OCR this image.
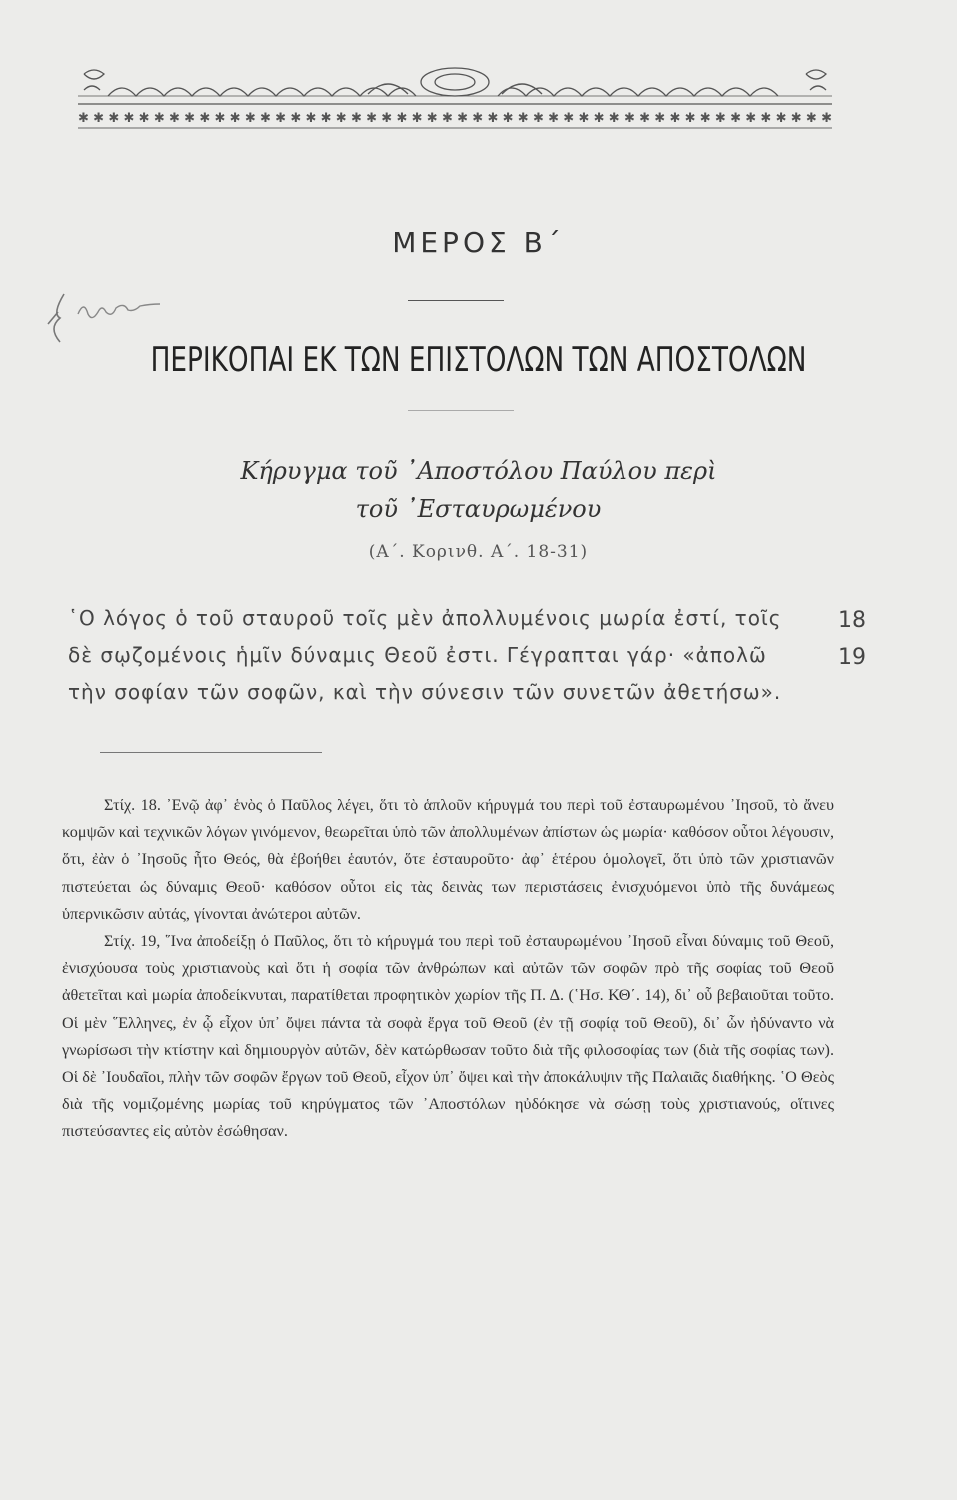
✱✱✱✱✱✱✱✱✱✱✱✱✱✱✱✱✱✱✱✱✱✱✱✱✱✱✱✱✱✱✱✱✱✱✱✱✱✱✱✱✱✱✱✱✱✱✱✱✱✱
ΜΕΡΟΣ Β΄
ΠΕΡΙΚΟΠΑΙ ΕΚ ΤΩΝ ΕΠΙΣΤΟΛΩΝ ΤΩΝ ΑΠΟΣΤΟΛΩΝ
Κήρυγμα τοῦ ᾿Αποστόλου Παύλου περὶ
τοῦ ᾿Εσταυρωμένου
(Α΄. Κορινθ. Α΄. 18-31)
῾Ο λόγος ὁ τοῦ σταυροῦ τοῖς μὲν ἀπολλυμένοις μωρία ἐστί, τοῖς	18
δὲ σῳζομένοις ἡμῖν δύναμις Θεοῦ ἐστι. Γέγραπται γάρ· «ἀπολῶ	19
τὴν σοφίαν τῶν σοφῶν, καὶ τὴν σύνεσιν τῶν συνετῶν ἀθετήσω».

Στίχ. 18. ᾿Ενῷ ἀφ᾿ ἑνὸς ὁ Παῦλος λέγει, ὅτι τὸ ἁπλοῦν κήρυγμά του περὶ τοῦ ἐσταυρωμένου ᾿Ιησοῦ, τὸ ἄνευ κομψῶν καὶ τεχνικῶν λόγων γινόμενον, θεωρεῖται ὑπὸ τῶν ἀπολλυμένων ἀπίστων ὡς μωρία· καθόσον οὗτοι λέγουσιν, ὅτι, ἐὰν ὁ ᾿Ιησοῦς ἦτο Θεός, θὰ ἐβοήθει ἑαυτόν, ὅτε ἐσταυροῦτο· ἀφ᾿ ἑτέρου ὁμολογεῖ, ὅτι ὑπὸ τῶν χριστιανῶν πιστεύεται ὡς δύναμις Θεοῦ· καθόσον οὗτοι εἰς τὰς δεινὰς των περιστάσεις ἐνισχυόμενοι ὑπὸ τῆς δυνάμεως ὑπερνικῶσιν αὐτάς, γίνονται ἀνώτεροι αὐτῶν.

Στίχ. 19, ῞Ινα ἀποδείξῃ ὁ Παῦλος, ὅτι τὸ κήρυγμά του περὶ τοῦ ἐσταυρωμένου ᾿Ιησοῦ εἶναι δύναμις τοῦ Θεοῦ, ἐνισχύουσα τοὺς χριστιανοὺς καὶ ὅτι ἡ σοφία τῶν ἀνθρώπων καὶ αὐτῶν τῶν σοφῶν πρὸ τῆς σοφίας τοῦ Θεοῦ ἀθετεῖται καὶ μωρία ἀποδείκνυται, παρατίθεται προφητικὸν χωρίον τῆς Π. Δ. (῾Ησ. ΚΘ΄. 14), δι᾿ οὗ βεβαιοῦται τοῦτο. Οἱ μὲν ῞Ελληνες, ἐν ᾧ εἶχον ὑπ᾿ ὄψει πάντα τὰ σοφὰ ἔργα τοῦ Θεοῦ (ἐν τῇ σοφίᾳ τοῦ Θεοῦ), δι᾿ ὧν ἠδύναντο νὰ γνωρίσωσι τὴν κτίστην καὶ δημιουργὸν αὐτῶν, δὲν κατώρθωσαν τοῦτο διὰ τῆς φιλοσοφίας των (διὰ τῆς σοφίας των). Οἱ δὲ ᾿Ιουδαῖοι, πλὴν τῶν σοφῶν ἔργων τοῦ Θεοῦ, εἶχον ὑπ᾿ ὄψει καὶ τὴν ἀποκάλυψιν τῆς Παλαιᾶς διαθήκης. ῾Ο Θεὸς διὰ τῆς νομιζομένης μωρίας τοῦ κηρύγματος τῶν ᾿Αποστόλων ηὐδόκησε νὰ σώσῃ τοὺς χριστιανούς, οἵτινες πιστεύσαντες εἰς αὐτὸν ἐσώθησαν.
